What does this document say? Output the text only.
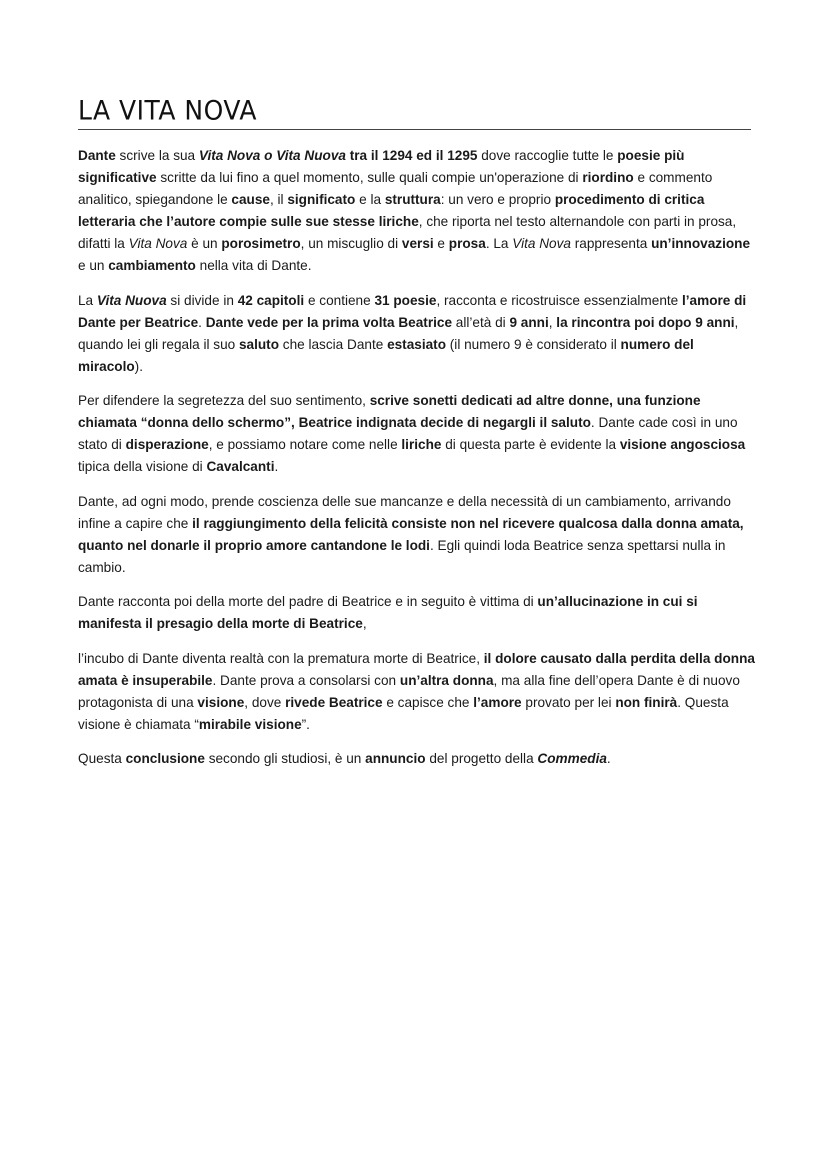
LA VITA NOVA

Dante scrive la sua Vita Nova o Vita Nuova tra il 1294 ed il 1295 dove raccoglie tutte le poesie più significative scritte da lui fino a quel momento, sulle quali compie un'operazione di riordino e commento analitico, spiegandone le cause, il significato e la struttura: un vero e proprio procedimento di critica letteraria che l’autore compie sulle sue stesse liriche, che riporta nel testo alternandole con parti in prosa, difatti la Vita Nova è un porosimetro, un miscuglio di versi e prosa. La Vita Nova rappresenta un’innovazione e un cambiamento nella vita di Dante.

La Vita Nuova si divide in 42 capitoli e contiene 31 poesie, racconta e ricostruisce essenzialmente l’amore di Dante per Beatrice. Dante vede per la prima volta Beatrice all’età di 9 anni, la rincontra poi dopo 9 anni, quando lei gli regala il suo saluto che lascia Dante estasiato (il numero 9 è considerato il numero del miracolo).

Per difendere la segretezza del suo sentimento, scrive sonetti dedicati ad altre donne, una funzione chiamata “donna dello schermo”, Beatrice indignata decide di negargli il saluto. Dante cade così in uno stato di disperazione, e possiamo notare come nelle liriche di questa parte è evidente la visione angosciosa tipica della visione di Cavalcanti.

Dante, ad ogni modo, prende coscienza delle sue mancanze e della necessità di un cambiamento, arrivando infine a capire che il raggiungimento della felicità consiste non nel ricevere qualcosa dalla donna amata, quanto nel donarle il proprio amore cantandone le lodi. Egli quindi loda Beatrice senza spettarsi nulla in cambio.

Dante racconta poi della morte del padre di Beatrice e in seguito è vittima di un’allucinazione in cui si manifesta il presagio della morte di Beatrice,

l’incubo di Dante diventa realtà con la prematura morte di Beatrice, il dolore causato dalla perdita della donna amata è insuperabile. Dante prova a consolarsi con un’altra donna, ma alla fine dell’opera Dante è di nuovo protagonista di una visione, dove rivede Beatrice e capisce che l’amore provato per lei non finirà. Questa visione è chiamata “mirabile visione”.

Questa conclusione secondo gli studiosi, è un annuncio del progetto della Commedia.
